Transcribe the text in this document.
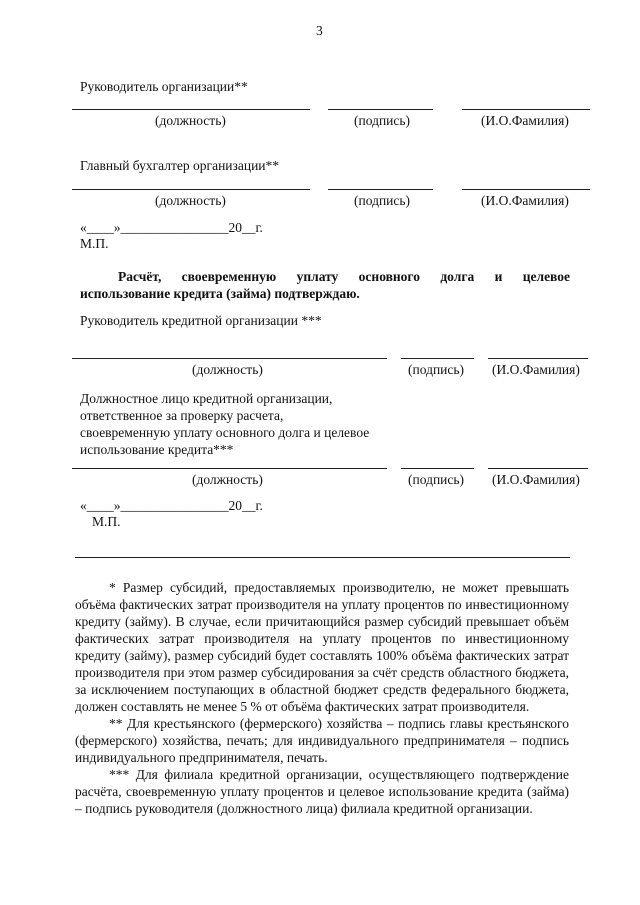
3
Руководитель организации**
(должность)	(подпись)	(И.О.Фамилия)
Главный бухгалтер организации**
(должность)	(подпись)	(И.О.Фамилия)
«____»________________20__г.
М.П.
Расчёт, своевременную уплату основного долга и целевое
использование кредита (займа) подтверждаю.
Руководитель кредитной организации ***
(должность)	(подпись) (И.О.Фамилия)
Должностное лицо кредитной организации,
ответственное за проверку расчета,
своевременную уплату основного долга и целевое
использование кредита***
(должность)	(подпись) (И.О.Фамилия)
«____»________________20__г.
М.П.

* Размер субсидий, предоставляемых производителю, не может превышать объёма фактических затрат производителя на уплату процентов по инвестиционному кредиту (займу). В случае, если причитающийся размер субсидий превышает объём фактических затрат производителя на уплату процентов по инвестиционному кредиту (займу), размер субсидий будет составлять 100% объёма фактических затрат производителя при этом размер субсидирования за счёт средств областного бюджета, за исключением поступающих в областной бюджет средств федерального бюджета, должен составлять не менее 5 % от объёма фактических затрат производителя.

** Для крестьянского (фермерского) хозяйства – подпись главы крестьянского (фермерского) хозяйства, печать; для индивидуального предпринимателя – подпись индивидуального предпринимателя, печать.

*** Для филиала кредитной организации, осуществляющего подтверждение расчёта, своевременную уплату процентов и целевое использование кредита (займа) – подпись руководителя (должностного лица) филиала кредитной организации.
